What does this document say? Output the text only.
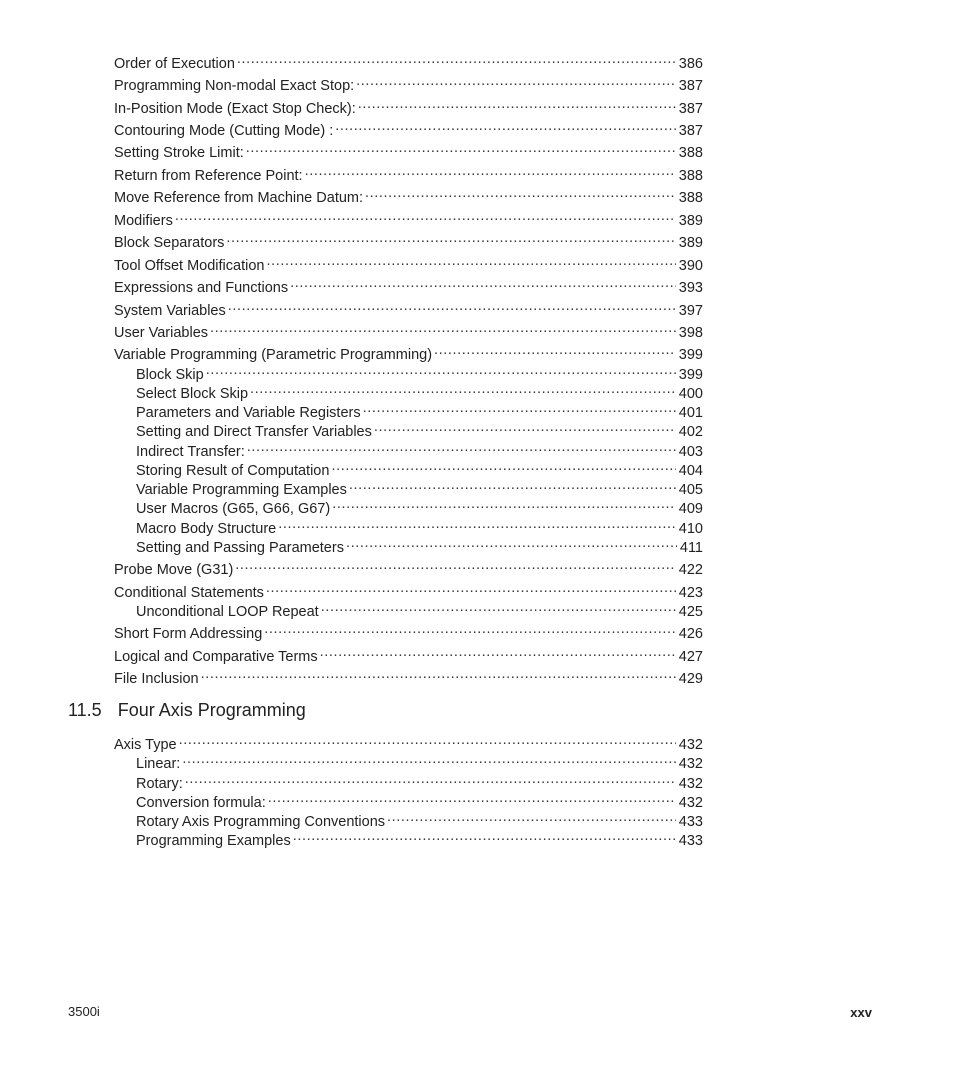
Order of Execution .....	386
Programming Non-modal Exact Stop: .....	387
In-Position Mode (Exact Stop Check): .....	387
Contouring Mode (Cutting Mode) : .....	387
Setting Stroke Limit: .....	388
Return from Reference Point: .....	388
Move Reference from Machine Datum: .....	388
Modifiers .....	389
Block Separators .....	389
Tool Offset Modification .....	390
Expressions and Functions .....	393
System Variables .....	397
User Variables .....	398
Variable Programming (Parametric Programming) .....	399
Block Skip .....	399
Select Block Skip .....	400
Parameters and Variable Registers .....	401
Setting and Direct Transfer Variables .....	402
Indirect Transfer: .....	403
Storing Result of Computation .....	404
Variable Programming Examples .....	405
User Macros (G65, G66, G67) .....	409
Macro Body Structure .....	410
Setting and Passing Parameters .....	411
Probe Move (G31) .....	422
Conditional Statements .....	423
Unconditional LOOP Repeat .....	425
Short Form Addressing .....	426
Logical and Comparative Terms .....	427
File Inclusion .....	429
11.5 Four Axis Programming
Axis Type .....	432
Linear: .....	432
Rotary: .....	432
Conversion formula: .....	432
Rotary Axis Programming Conventions .....	433
Programming Examples .....	433
3500i	xxv
